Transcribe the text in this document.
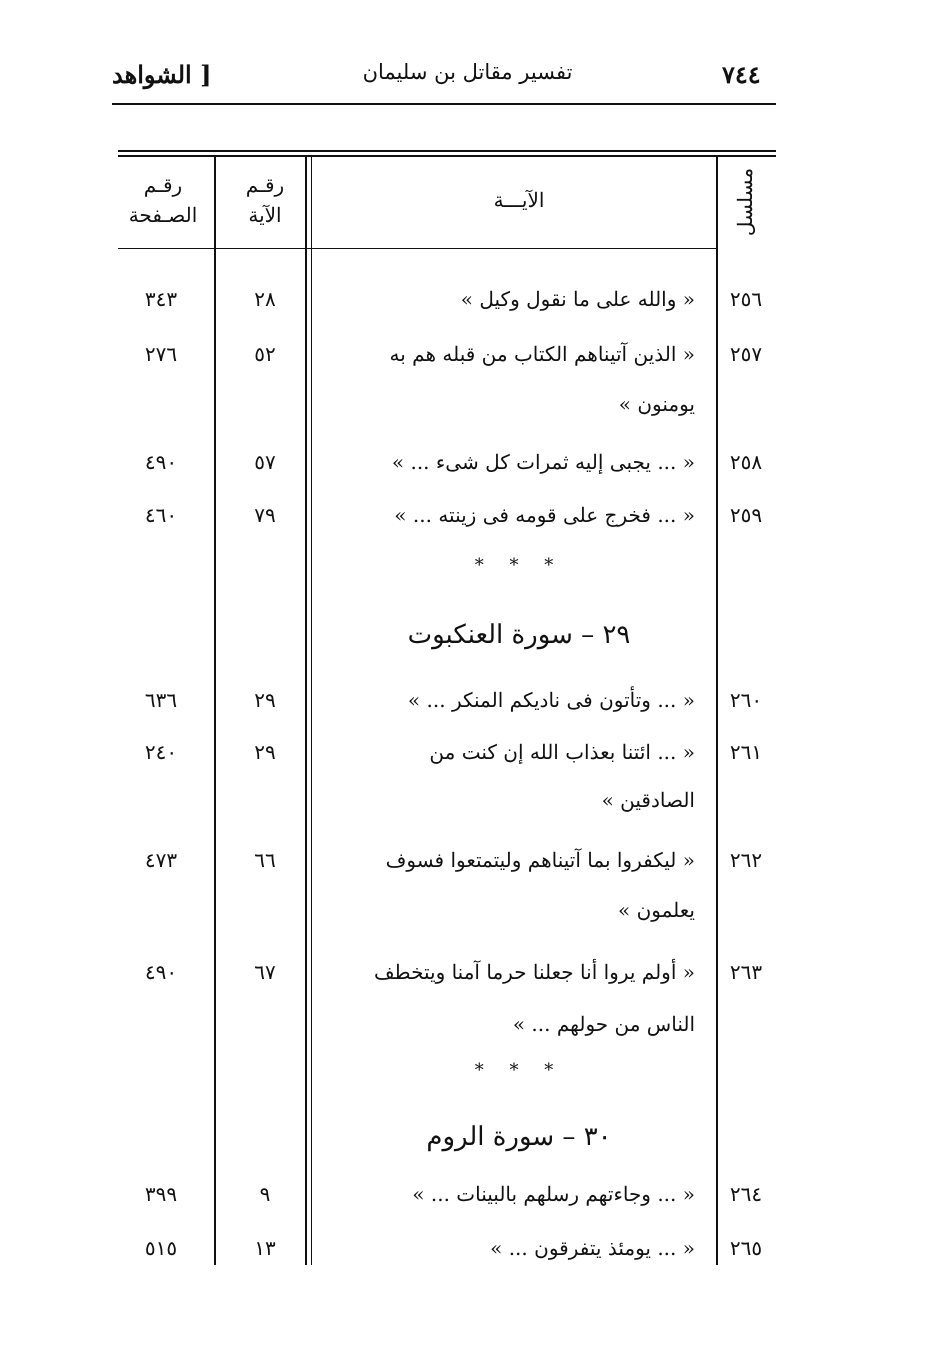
٧٤٤
تفسير مقاتل بن سليمان
[ الشواهد
رقـم الصـفحة
رقـم الآية
الآيـــة	مسلسل
٢٥٦
« والله على ما نقول وكيل »
٢٨
٣٤٣
٢٥٧
« الذين آتيناهم الكتاب من قبله هم به
يومنون »
٥٢
٢٧٦
٢٥٨
« ... يجبى إليه ثمرات كل شىء ... »
٥٧
٤٩٠
٢٥٩
« ... فخرج على قومه فى زينته ... »
٧٩
٤٦٠
* * *
٢٩ – سورة العنكبوت
٢٦٠
« ... وتأتون فى ناديكم المنكر ... »
٢٩
٦٣٦
٢٦١
« ... ائتنا بعذاب الله إن كنت من
الصادقين »
٢٩
٢٤٠
٢٦٢
« ليكفروا بما آتيناهم وليتمتعوا فسوف
يعلمون »
٦٦
٤٧٣
٢٦٣
« أولم يروا أنا جعلنا حرما آمنا ويتخطف
الناس من حولهم ... »
٦٧
٤٩٠
* * *
٣٠ – سورة الروم
٢٦٤
« ... وجاءتهم رسلهم بالبينات ... »
٩
٣٩٩
٢٦٥
« ... يومئذ يتفرقون ... »
١٣
٥١٥
